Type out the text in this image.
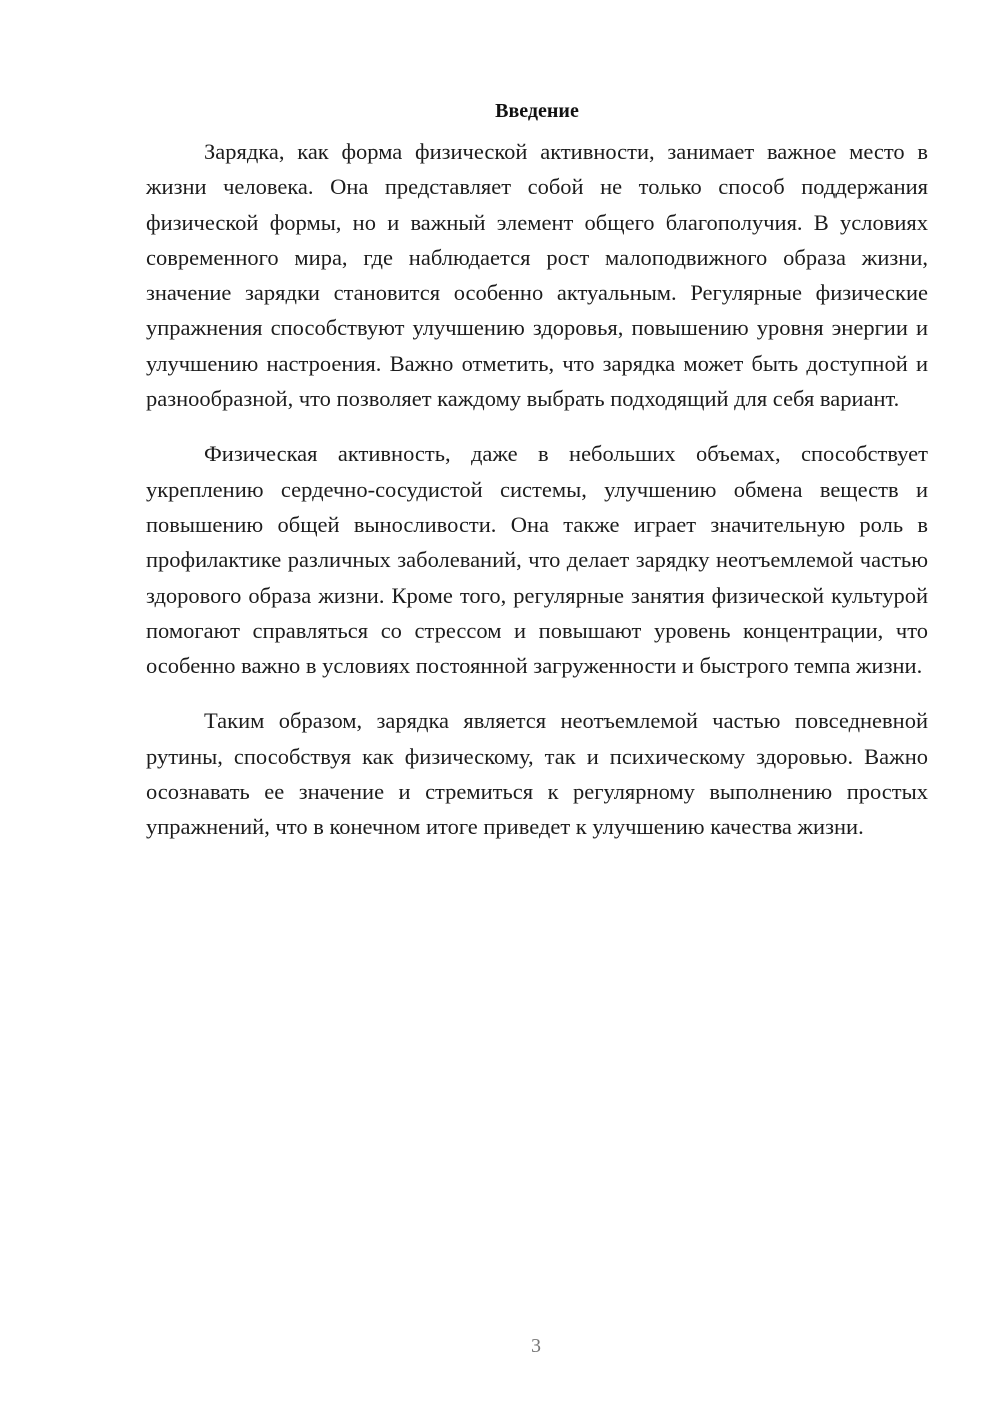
Введение

Зарядка, как форма физической активности, занимает важное место в жизни человека. Она представляет собой не только способ поддержания физической формы, но и важный элемент общего благополучия. В условиях современного мира, где наблюдается рост малоподвижного образа жизни, значение зарядки становится особенно актуальным. Регулярные физические упражнения способствуют улучшению здоровья, повышению уровня энергии и улучшению настроения. Важно отметить, что зарядка может быть доступной и разнообразной, что позволяет каждому выбрать подходящий для себя вариант.

Физическая активность, даже в небольших объемах, способствует укреплению сердечно-сосудистой системы, улучшению обмена веществ и повышению общей выносливости. Она также играет значительную роль в профилактике различных заболеваний, что делает зарядку неотъемлемой частью здорового образа жизни. Кроме того, регулярные занятия физической культурой помогают справляться со стрессом и повышают уровень концентрации, что особенно важно в условиях постоянной загруженности и быстрого темпа жизни.

Таким образом, зарядка является неотъемлемой частью повседневной рутины, способствуя как физическому, так и психическому здоровью. Важно осознавать ее значение и стремиться к регулярному выполнению простых упражнений, что в конечном итоге приведет к улучшению качества жизни.

3
